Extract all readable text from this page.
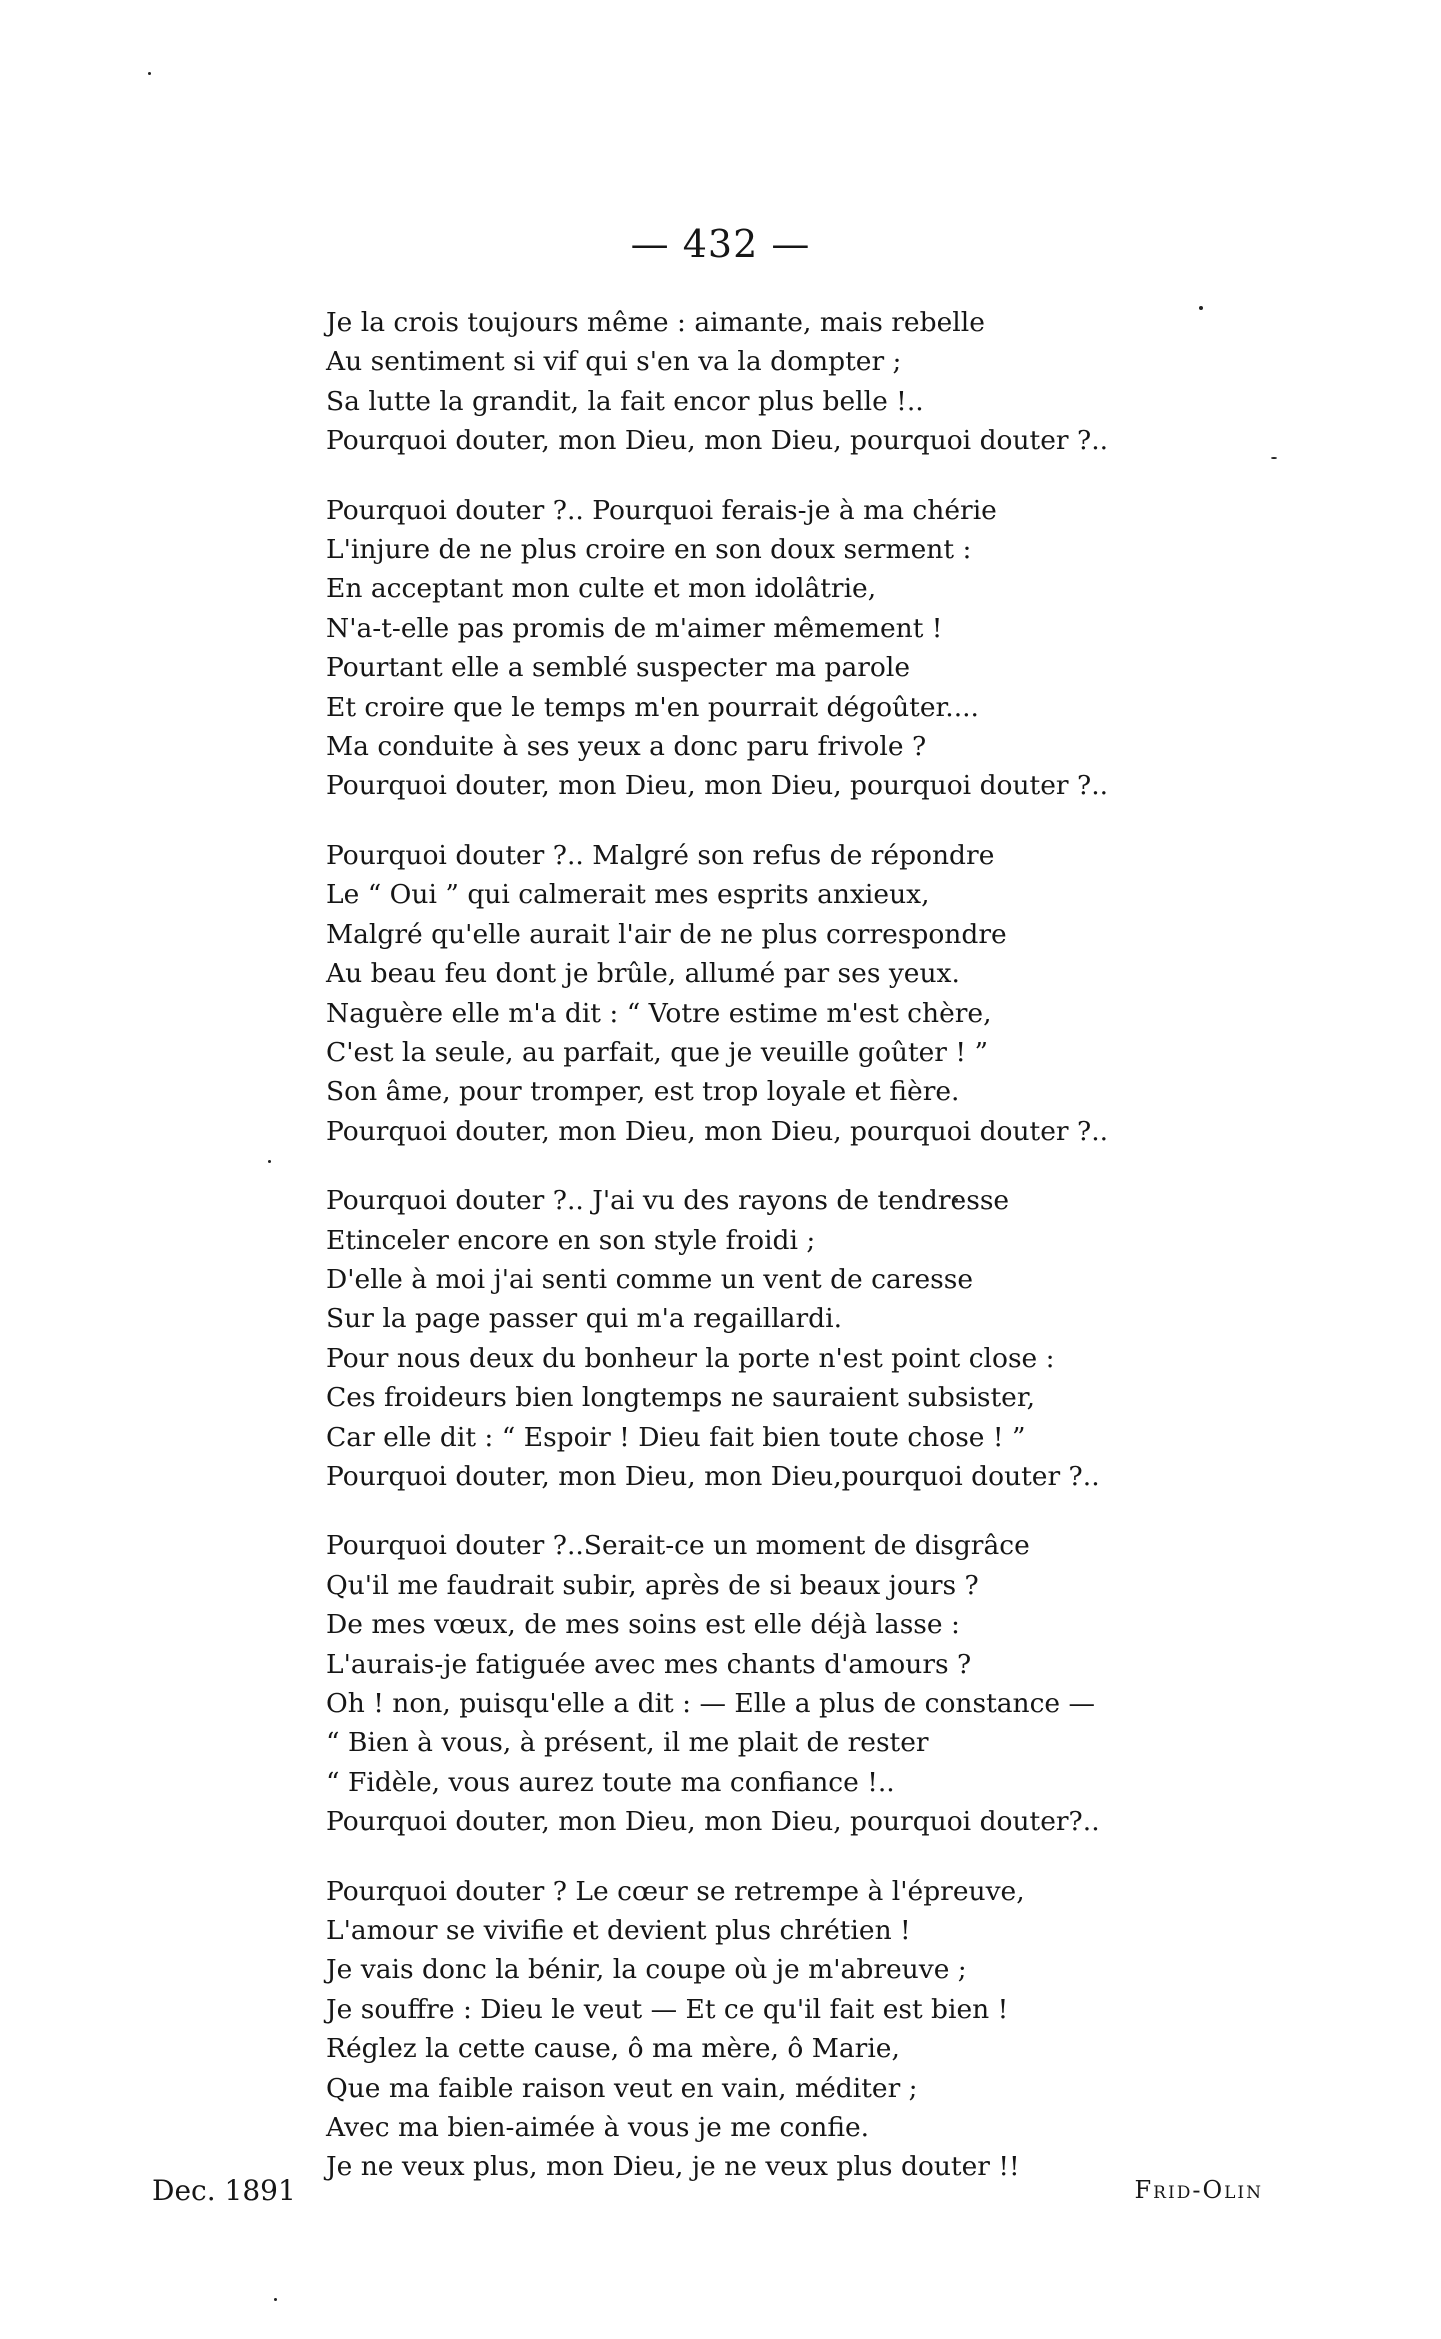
— 432 —
Je la crois toujours même : aimante, mais rebelle
Au sentiment si vif qui s'en va la dompter ;
Sa lutte la grandit, la fait encor plus belle !..
Pourquoi douter, mon Dieu, mon Dieu, pourquoi douter ?..
Pourquoi douter ?.. Pourquoi ferais-je à ma chérie
L'injure de ne plus croire en son doux serment :
En acceptant mon culte et mon idolâtrie,
N'a-t-elle pas promis de m'aimer mêmement !
Pourtant elle a semblé suspecter ma parole
Et croire que le temps m'en pourrait dégoûter....
Ma conduite à ses yeux a donc paru frivole ?
Pourquoi douter, mon Dieu, mon Dieu, pourquoi douter ?..
Pourquoi douter ?.. Malgré son refus de répondre
Le “ Oui ” qui calmerait mes esprits anxieux,
Malgré qu'elle aurait l'air de ne plus correspondre
Au beau feu dont je brûle, allumé par ses yeux.
Naguère elle m'a dit : “ Votre estime m'est chère,
C'est la seule, au parfait, que je veuille goûter ! ”
Son âme, pour tromper, est trop loyale et fière.
Pourquoi douter, mon Dieu, mon Dieu, pourquoi douter ?..
Pourquoi douter ?.. J'ai vu des rayons de tendresse
Etinceler encore en son style froidi ;
D'elle à moi j'ai senti comme un vent de caresse
Sur la page passer qui m'a regaillardi.
Pour nous deux du bonheur la porte n'est point close :
Ces froideurs bien longtemps ne sauraient subsister,
Car elle dit : “ Espoir ! Dieu fait bien toute chose ! ”
Pourquoi douter, mon Dieu, mon Dieu,pourquoi douter ?..
Pourquoi douter ?..Serait-ce un moment de disgrâce
Qu'il me faudrait subir, après de si beaux jours ?
De mes vœux, de mes soins est elle déjà lasse :
L'aurais-je fatiguée avec mes chants d'amours ?
Oh ! non, puisqu'elle a dit : — Elle a plus de constance —
“ Bien à vous, à présent, il me plait de rester
“ Fidèle, vous aurez toute ma confiance !..
Pourquoi douter, mon Dieu, mon Dieu, pourquoi douter?..
Pourquoi douter ? Le cœur se retrempe à l'épreuve,
L'amour se vivifie et devient plus chrétien !
Je vais donc la bénir, la coupe où je m'abreuve ;
Je souffre : Dieu le veut — Et ce qu'il fait est bien !
Réglez la cette cause, ô ma mère, ô Marie,
Que ma faible raison veut en vain, méditer ;
Avec ma bien-aimée à vous je me confie.
Je ne veux plus, mon Dieu, je ne veux plus douter !!
Frid-Olin
Dec. 1891
